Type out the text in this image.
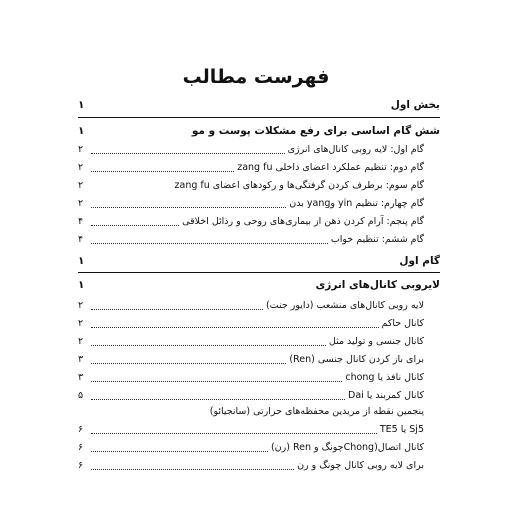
فهرست مطالب
بخش اول
۱
شش گام اساسی برای رفع مشکلات پوست و مو
۱
گام اول: لایه روبی کانال‌های انرژی
۲
گام دوم: تنظیم عملکرد اعضای داخلی zang fu
۲
گام سوم: برطرف کردن گرفتگی‌ها و رکودهای اعضای zang fu
۲
گام چهارم: تنظیم yin وyang بدن
۲
گام پنجم: آرام کردن ذهن از بیماری‌های روحی و رذائل اخلاقی
۴
گام ششم: تنظیم خواب
۴
گام اول
۱
لایروبی کانال‌های انرژی
۱
لایه روبی کانال‌های منشعب (دایور جنت)
۲
کانال حاکم
۲
کانال جنسی و تولید مثل
۲
برای باز کردن کانال جنسی (Ren)
۳
کانال نافذ یا chong
۳
کانال کمربند یا Dai
۵
پنجمین نقطه از مریدین محفظه‌های حرارتی (سانجیائو)
Sj5 یا TE5
۶
کانال اتصال(Chongچونگ و Ren (رن)
۶
برای لایه روبی کانال چونگ و رن
۶
